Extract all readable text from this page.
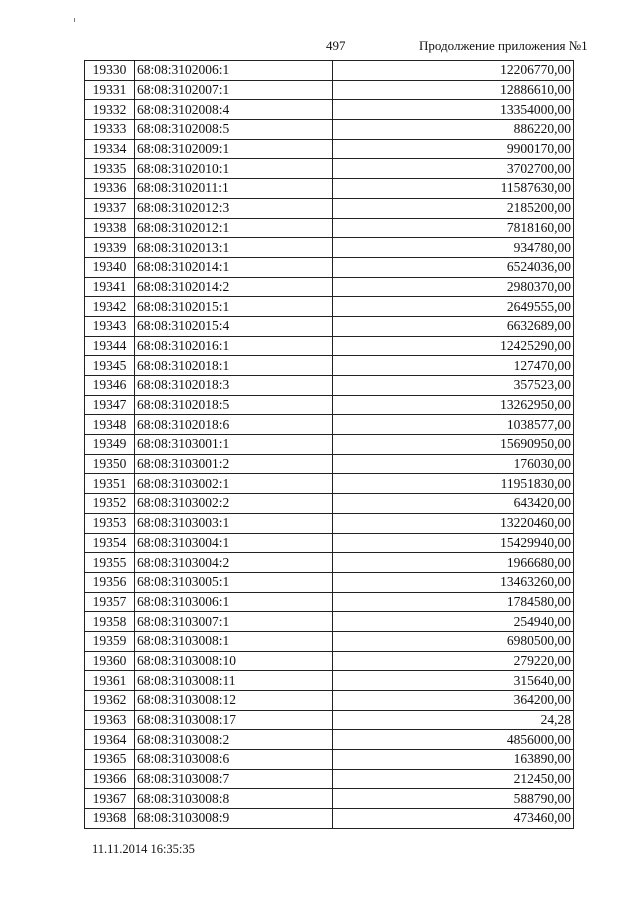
497	Продолжение приложения №1
19330	68:08:3102006:1	12206770,00
19331	68:08:3102007:1	12886610,00
19332	68:08:3102008:4	13354000,00
19333	68:08:3102008:5	886220,00
19334	68:08:3102009:1	9900170,00
19335	68:08:3102010:1	3702700,00
19336	68:08:3102011:1	11587630,00
19337	68:08:3102012:3	2185200,00
19338	68:08:3102012:1	7818160,00
19339	68:08:3102013:1	934780,00
19340	68:08:3102014:1	6524036,00
19341	68:08:3102014:2	2980370,00
19342	68:08:3102015:1	2649555,00
19343	68:08:3102015:4	6632689,00
19344	68:08:3102016:1	12425290,00
19345	68:08:3102018:1	127470,00
19346	68:08:3102018:3	357523,00
19347	68:08:3102018:5	13262950,00
19348	68:08:3102018:6	1038577,00
19349	68:08:3103001:1	15690950,00
19350	68:08:3103001:2	176030,00
19351	68:08:3103002:1	11951830,00
19352	68:08:3103002:2	643420,00
19353	68:08:3103003:1	13220460,00
19354	68:08:3103004:1	15429940,00
19355	68:08:3103004:2	1966680,00
19356	68:08:3103005:1	13463260,00
19357	68:08:3103006:1	1784580,00
19358	68:08:3103007:1	254940,00
19359	68:08:3103008:1	6980500,00
19360	68:08:3103008:10	279220,00
19361	68:08:3103008:11	315640,00
19362	68:08:3103008:12	364200,00
19363	68:08:3103008:17	24,28
19364	68:08:3103008:2	4856000,00
19365	68:08:3103008:6	163890,00
19366	68:08:3103008:7	212450,00
19367	68:08:3103008:8	588790,00
19368	68:08:3103008:9	473460,00
11.11.2014 16:35:35
